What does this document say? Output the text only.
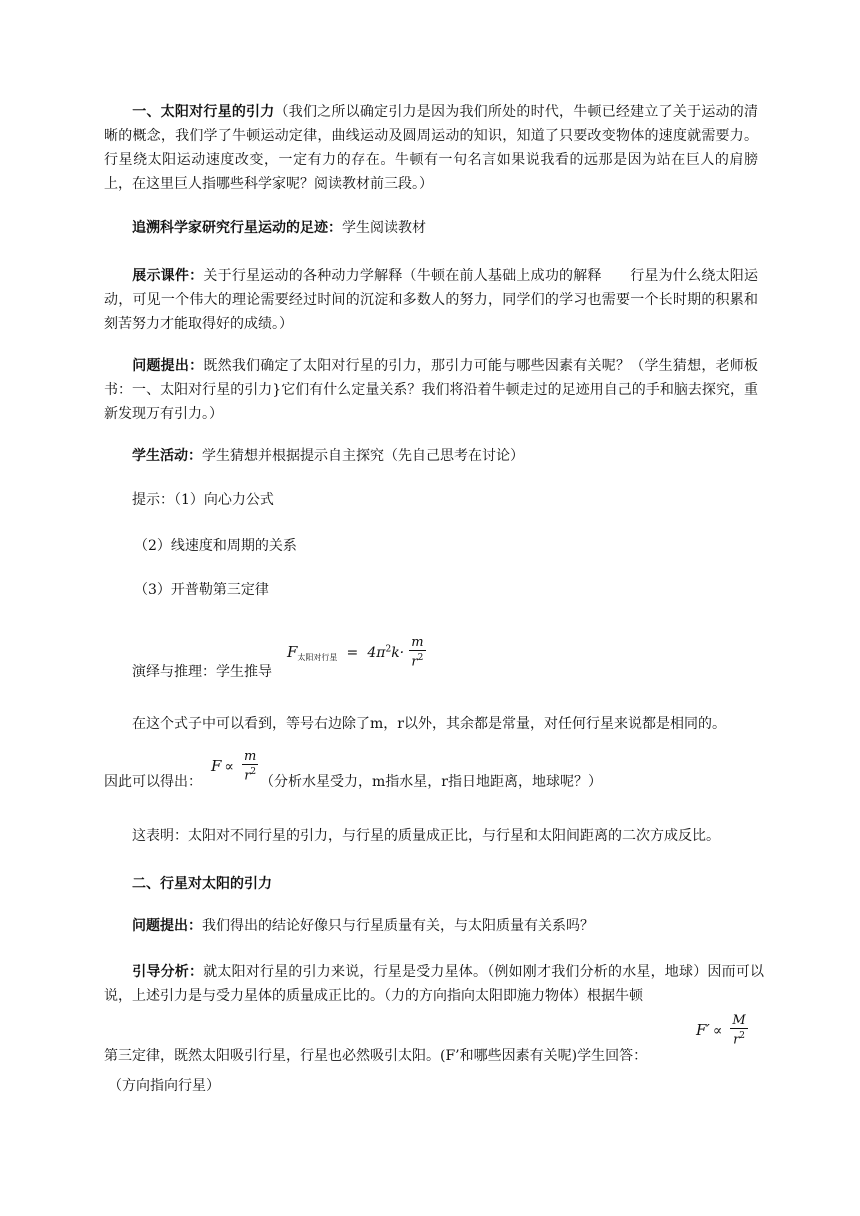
一、太阳对行星的引力（我们之所以确定引力是因为我们所处的时代，牛顿已经建立了关于运动的清晰的概念，我们学了牛顿运动定律，曲线运动及圆周运动的知识，知道了只要改变物体的速度就需要力。行星绕太阳运动速度改变，一定有力的存在。牛顿有一句名言如果说我看的远那是因为站在巨人的肩膀上，在这里巨人指哪些科学家呢？阅读教材前三段。）

追溯科学家研究行星运动的足迹：学生阅读教材

展示课件：关于行星运动的各种动力学解释（牛顿在前人基础上成功的解释　　行星为什么绕太阳运动，可见一个伟大的理论需要经过时间的沉淀和多数人的努力，同学们的学习也需要一个长时期的积累和刻苦努力才能取得好的成绩。）

问题提出：既然我们确定了太阳对行星的引力，那引力可能与哪些因素有关呢？（学生猜想，老师板书：一、太阳对行星的引力}它们有什么定量关系？我们将沿着牛顿走过的足迹用自己的手和脑去探究，重新发现万有引力。）

学生活动：学生猜想并根据提示自主探究（先自己思考在讨论）

提示：（1）向心力公式
（2）线速度和周期的关系
（3）开普勒第三定律
演绎与推理：学生推导
$F_{太阳对行星} = 4\pi^2k\cdot \frac{m}{r^2}$

在这个式子中可以看到，等号右边除了m，r以外，其余都是常量，对任何行星来说都是相同的。

因此可以得出：
$F \propto \frac{m}{r^2}$ （分析水星受力，m指水星，r指日地距离，地球呢？）

这表明：太阳对不同行星的引力，与行星的质量成正比，与行星和太阳间距离的二次方成反比。

二、行星对太阳的引力

问题提出：我们得出的结论好像只与行星质量有关，与太阳质量有关系吗？

引导分析：就太阳对行星的引力来说，行星是受力星体。（例如刚才我们分析的水星，地球）因而可以说，上述引力是与受力星体的质量成正比的。（力的方向指向太阳即施力物体）根据牛顿

第三定律，既然太阳吸引行星，行星也必然吸引太阳。(F’和哪些因素有关呢)学生回答：
$F' \propto \frac{M}{r^2}$
（方向指向行星）
